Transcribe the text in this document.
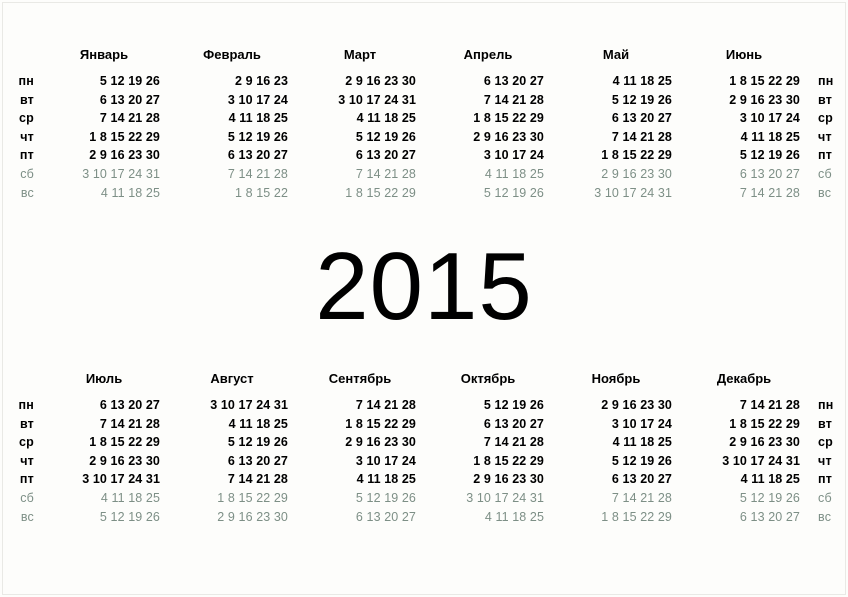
пн
вт
ср
чт
пт
сб
вс
Январь
5 12 19 26
6 13 20 27
7 14 21 28
1 8 15 22 29
2 9 16 23 30
3 10 17 24 31
4 11 18 25
Февраль
2 9 16 23
3 10 17 24
4 11 18 25
5 12 19 26
6 13 20 27
7 14 21 28
1 8 15 22
Март
2 9 16 23 30
3 10 17 24 31
4 11 18 25
5 12 19 26
6 13 20 27
7 14 21 28
1 8 15 22 29
Апрель
6 13 20 27
7 14 21 28
1 8 15 22 29
2 9 16 23 30
3 10 17 24
4 11 18 25
5 12 19 26
Май
4 11 18 25
5 12 19 26
6 13 20 27
7 14 21 28
1 8 15 22 29
2 9 16 23 30
3 10 17 24 31
Июнь
1 8 15 22 29
2 9 16 23 30
3 10 17 24
4 11 18 25
5 12 19 26
6 13 20 27
7 14 21 28
пн
вт
ср
чт
пт
сб
вс
2015
пн
вт
ср
чт
пт
сб
вс
Июль
6 13 20 27
7 14 21 28
1 8 15 22 29
2 9 16 23 30
3 10 17 24 31
4 11 18 25
5 12 19 26
Август
3 10 17 24 31
4 11 18 25
5 12 19 26
6 13 20 27
7 14 21 28
1 8 15 22 29
2 9 16 23 30
Сентябрь
7 14 21 28
1 8 15 22 29
2 9 16 23 30
3 10 17 24
4 11 18 25
5 12 19 26
6 13 20 27
Октябрь
5 12 19 26
6 13 20 27
7 14 21 28
1 8 15 22 29
2 9 16 23 30
3 10 17 24 31
4 11 18 25
Ноябрь
2 9 16 23 30
3 10 17 24
4 11 18 25
5 12 19 26
6 13 20 27
7 14 21 28
1 8 15 22 29
Декабрь
7 14 21 28
1 8 15 22 29
2 9 16 23 30
3 10 17 24 31
4 11 18 25
5 12 19 26
6 13 20 27
пн
вт
ср
чт
пт
сб
вс
